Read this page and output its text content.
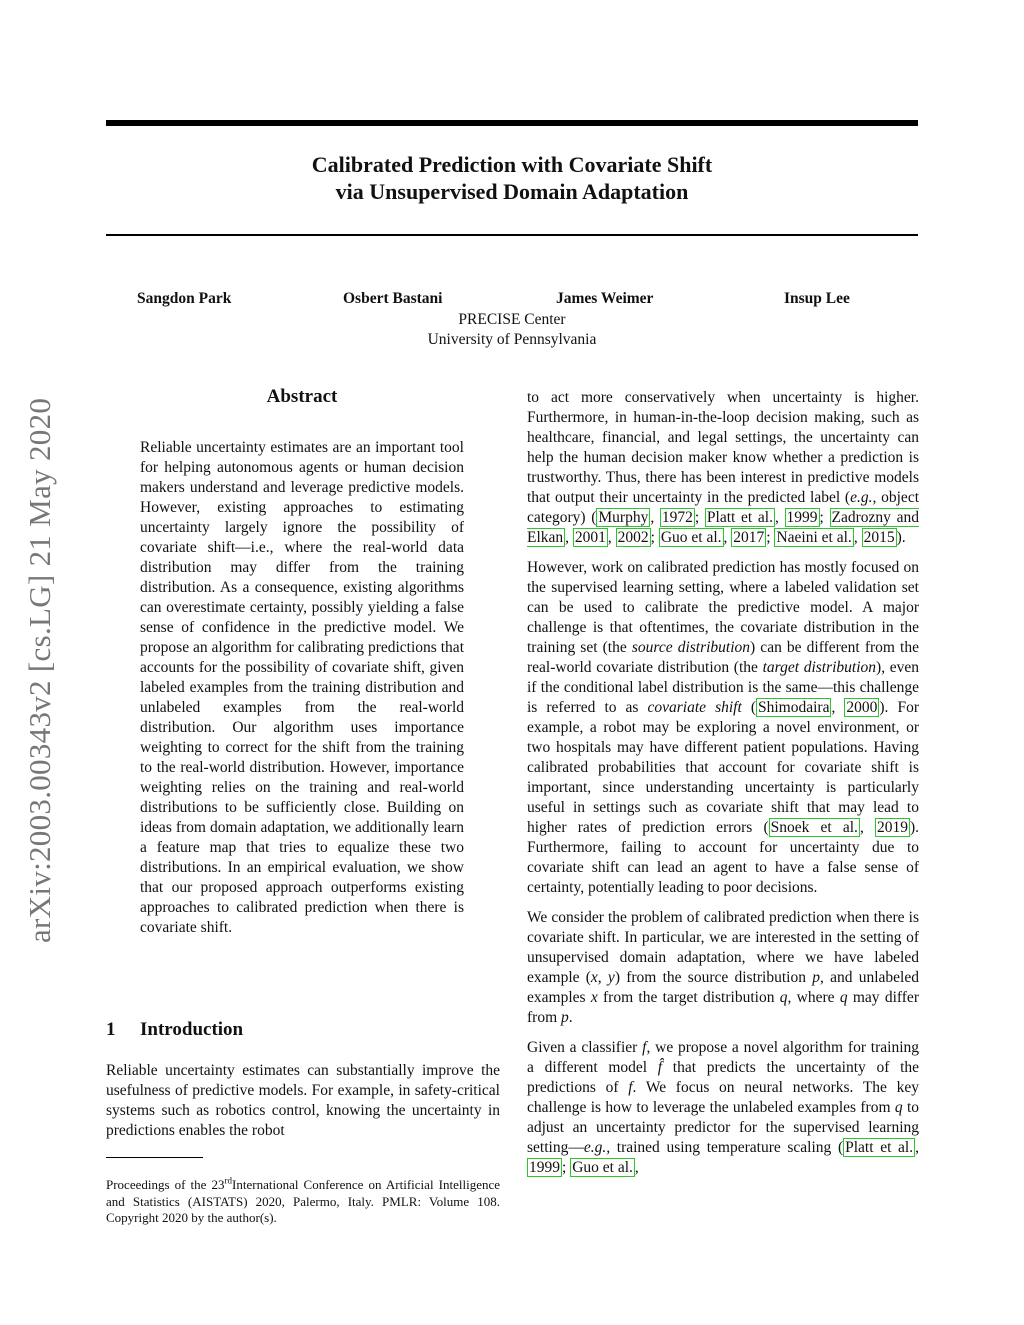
Calibrated Prediction with Covariate Shift
via Unsupervised Domain Adaptation
Sangdon Park	Osbert Bastani	James Weimer	Insup Lee
PRECISE Center
University of Pennsylvania
arXiv:2003.00343v2 [cs.LG] 21 May 2020
Abstract
Reliable uncertainty estimates are an important tool for helping autonomous agents or human decision makers understand and leverage predictive models. However, existing approaches to estimating uncertainty largely ignore the possibility of covariate shift—i.e., where the real-world data distribution may differ from the training distribution. As a consequence, existing algorithms can overestimate certainty, possibly yielding a false sense of confidence in the predictive model. We propose an algorithm for calibrating predictions that accounts for the possibility of covariate shift, given labeled examples from the training distribution and unlabeled examples from the real-world distribution. Our algorithm uses importance weighting to correct for the shift from the training to the real-world distribution. However, importance weighting relies on the training and real-world distributions to be sufficiently close. Building on ideas from domain adaptation, we additionally learn a feature map that tries to equalize these two distributions. In an empirical evaluation, we show that our proposed approach outperforms existing approaches to calibrated prediction when there is covariate shift.
1 Introduction
Reliable uncertainty estimates can substantially improve the usefulness of predictive models. For example, in safety-critical systems such as robotics control, knowing the uncertainty in predictions enables the robot
Proceedings of the 23rdInternational Conference on Artificial Intelligence and Statistics (AISTATS) 2020, Palermo, Italy. PMLR: Volume 108. Copyright 2020 by the author(s).

to act more conservatively when uncertainty is higher. Furthermore, in human-in-the-loop decision making, such as healthcare, financial, and legal settings, the uncertainty can help the human decision maker know whether a prediction is trustworthy. Thus, there has been interest in predictive models that output their uncertainty in the predicted label (e.g., object category) ( Murphy , 1972 ; Platt et al. , 1999 ; Zadrozny and Elkan , 2001 , 2002 ; Guo et al. , 2017 ; Naeini et al. , 2015 ).

However, work on calibrated prediction has mostly focused on the supervised learning setting, where a labeled validation set can be used to calibrate the predictive model. A major challenge is that oftentimes, the covariate distribution in the training set (the source distribution) can be different from the real-world covariate distribution (the target distribution), even if the conditional label distribution is the same—this challenge is referred to as covariate shift ( Shimodaira , 2000 ). For example, a robot may be exploring a novel environment, or two hospitals may have different patient populations. Having calibrated probabilities that account for covariate shift is important, since understanding uncertainty is particularly useful in settings such as covariate shift that may lead to higher rates of prediction errors ( Snoek et al. , 2019 ). Furthermore, failing to account for uncertainty due to covariate shift can lead an agent to have a false sense of certainty, potentially leading to poor decisions.

We consider the problem of calibrated prediction when there is covariate shift. In particular, we are interested in the setting of unsupervised domain adaptation, where we have labeled example (x, y) from the source distribution p, and unlabeled examples x from the target distribution q, where q may differ from p.

Given a classifier f, we propose a novel algorithm for training a different model f̂ that predicts the uncertainty of the predictions of f. We focus on neural networks. The key challenge is how to leverage the unlabeled examples from q to adjust an uncertainty predictor for the supervised learning setting—e.g., trained using temperature scaling ( Platt et al. , 1999 ; Guo et al. ,
